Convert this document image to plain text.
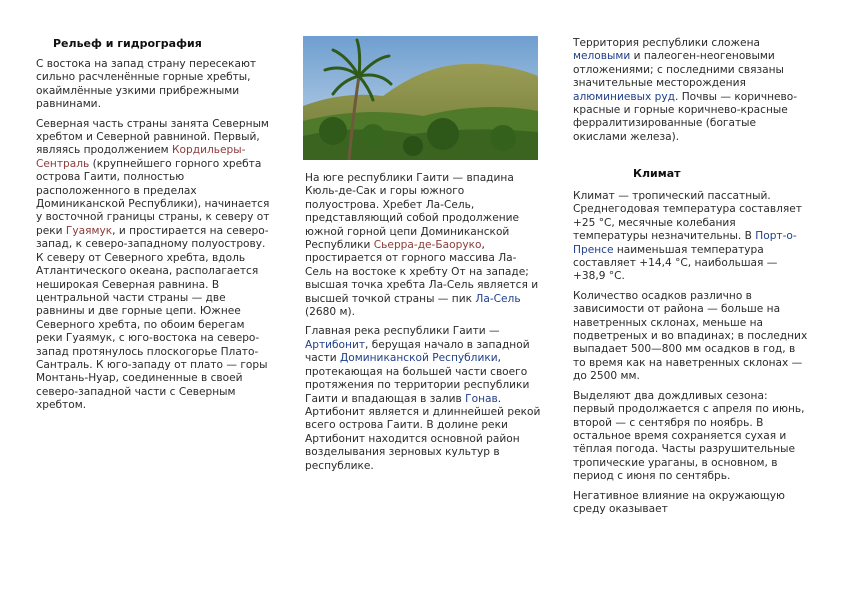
Рельеф и гидрография

С востока на запад страну пересекают сильно расчленённые горные хребты, окаймлённые узкими прибрежными равнинами.

Северная часть страны занята Северным хребтом и Северной равниной. Первый, являясь продолжением Кордильеры-Сентраль (крупнейшего горного хребта острова Гаити, полностью расположенного в пределах Доминиканской Республики), начинается у восточной границы страны, к северу от реки Гуаямук, и простирается на северо-запад, к северо-западному полуострову. К северу от Северного хребта, вдоль Атлантического океана, располагается неширокая Северная равнина. В центральной части страны — две равнины и две горные цепи. Южнее Северного хребта, по обоим берегам реки Гуаямук, с юго-востока на северо-запад протянулось плоскогорье Плато-Сантраль. К юго-западу от плато — горы Монтань-Нуар, соединенные в своей северо-западной части с Северным хребтом.

На юге республики Гаити — впадина Кюль-де-Сак и горы южного полуострова. Хребет Ла-Сель, представляющий собой продолжение южной горной цепи Доминиканской Республики Сьерра-де-Баоруко, простирается от горного массива Ла-Сель на востоке к хребту От на западе; высшая точка хребта Ла-Сель является и высшей точкой страны — пик Ла-Сель (2680 м).

Главная река республики Гаити — Артибонит, берущая начало в западной части Доминиканской Республики, протекающая на большей части своего протяжения по территории республики Гаити и впадающая в залив Гонав. Артибонит является и длиннейшей рекой всего острова Гаити. В долине реки Артибонит находится основной район возделывания зерновых культур в республике.

Территория республики сложена меловыми и палеоген-неогеновыми отложениями; с последними связаны значительные месторождения алюминиевых руд. Почвы — коричнево-красные и горные коричнево-красные ферралитизированные (богатые окислами железа).

Климат

Климат — тропический пассатный. Среднегодовая температура составляет +25 °C, месячные колебания температуры незначительны. В Порт-о-Пренсе наименьшая температура составляет +14,4 °C, наибольшая — +38,9 °C.

Количество осадков различно в зависимости от района — больше на наветренных склонах, меньше на подветреных и во впадинах; в последних выпадает 500—800 мм осадков в год, в то время как на наветренных склонах — до 2500 мм.

Выделяют два дождливых сезона: первый продолжается с апреля по июнь, второй — с сентября по ноябрь. В остальное время сохраняется сухая и тёплая погода. Часты разрушительные тропические ураганы, в основном, в период с июня по сентябрь.

Негативное влияние на окружающую среду оказывает
